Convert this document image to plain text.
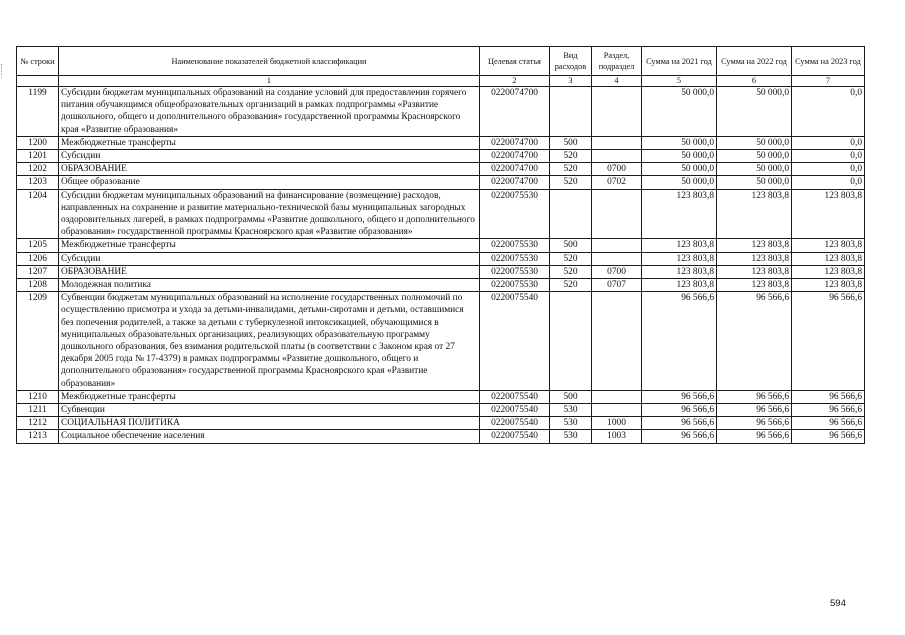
№ строки	Наименование показателей бюджетной классификации	Целевая статья	Вид расходов	Раздел, подраздел	Сумма на 2021 год	Сумма на 2022 год	Сумма на 2023 год
	1	2	3	4	5	6	7
1199	Субсидии бюджетам муниципальных образований на создание условий для предоставления горячего питания обучающимся общеобразовательных организаций в рамках подпрограммы «Развитие дошкольного, общего и дополнительного образования» государственной программы Красноярского края «Развитие образования»	0220074700			50 000,0	50 000,0	0,0
1200	Межбюджетные трансферты	0220074700	500		50 000,0	50 000,0	0,0
1201	Субсидии	0220074700	520		50 000,0	50 000,0	0,0
1202	ОБРАЗОВАНИЕ	0220074700	520	0700	50 000,0	50 000,0	0,0
1203	Общее образование	0220074700	520	0702	50 000,0	50 000,0	0,0
1204	Субсидии бюджетам муниципальных образований на финансирование (возмещение) расходов, направленных на сохранение и развитие материально-технической базы муниципальных загородных оздоровительных лагерей, в рамках подпрограммы «Развитие дошкольного, общего и дополнительного образования» государственной программы Красноярского края «Развитие образования»	0220075530			123 803,8	123 803,8	123 803,8
1205	Межбюджетные трансферты	0220075530	500		123 803,8	123 803,8	123 803,8
1206	Субсидии	0220075530	520		123 803,8	123 803,8	123 803,8
1207	ОБРАЗОВАНИЕ	0220075530	520	0700	123 803,8	123 803,8	123 803,8
1208	Молодежная политика	0220075530	520	0707	123 803,8	123 803,8	123 803,8
1209	Субвенции бюджетам муниципальных образований на исполнение государственных полномочий по осуществлению присмотра и ухода за детьми-инвалидами, детьми-сиротами и детьми, оставшимися без попечения родителей, а также за детьми с туберкулезной интоксикацией, обучающимися в муниципальных образовательных организациях, реализующих образовательную программу дошкольного образования, без взимания родительской платы (в соответствии с Законом края от 27 декабря 2005 года № 17-4379) в рамках подпрограммы «Развитие дошкольного, общего и дополнительного образования» государственной программы Красноярского края «Развитие образования»	0220075540			96 566,6	96 566,6	96 566,6
1210	Межбюджетные трансферты	0220075540	500		96 566,6	96 566,6	96 566,6
1211	Субвенции	0220075540	530		96 566,6	96 566,6	96 566,6
1212	СОЦИАЛЬНАЯ ПОЛИТИКА	0220075540	530	1000	96 566,6	96 566,6	96 566,6
1213	Социальное обеспечение населения	0220075540	530	1003	96 566,6	96 566,6	96 566,6
594
